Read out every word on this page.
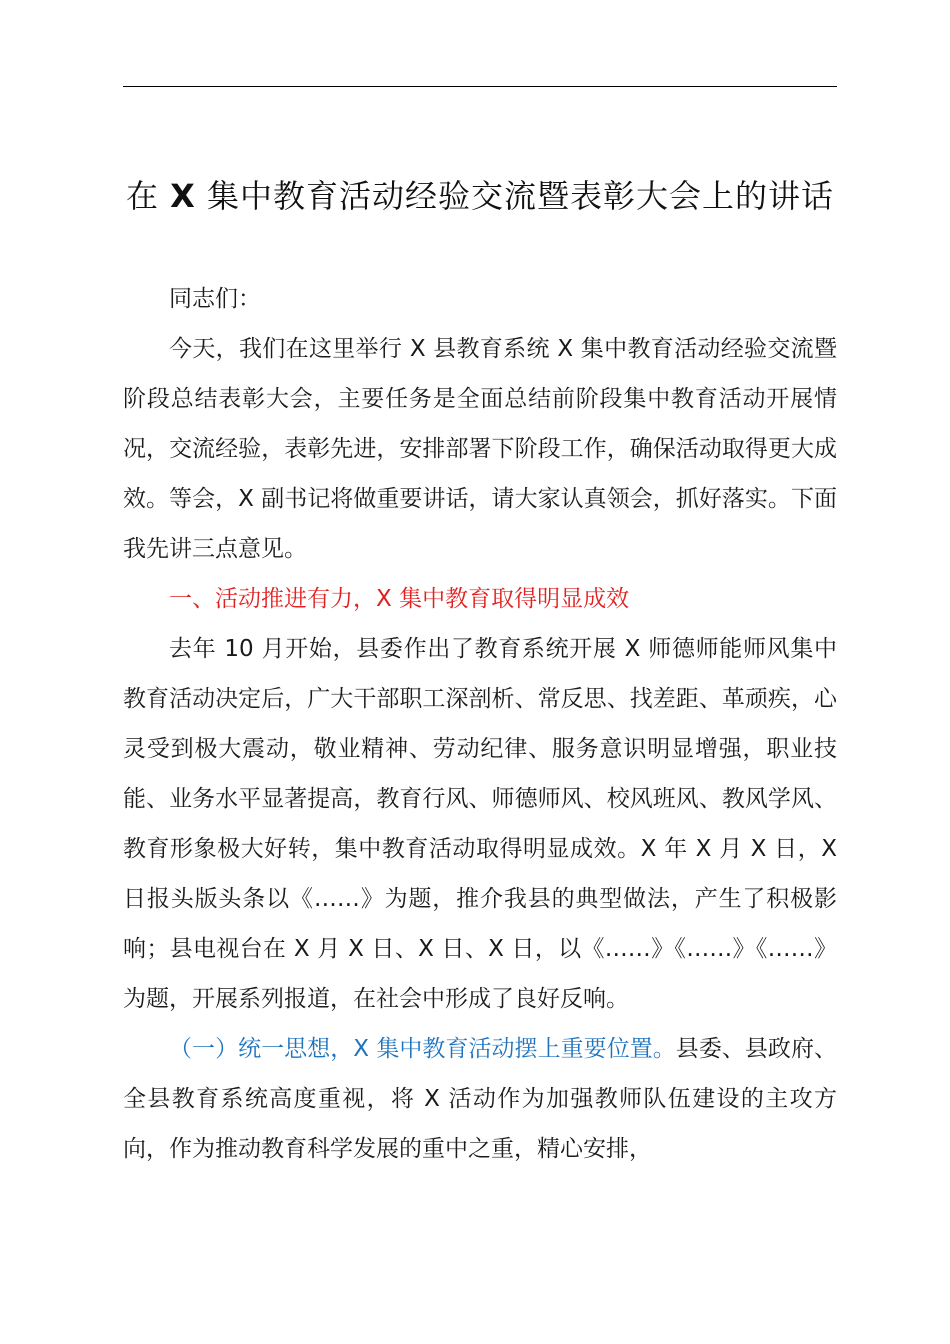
在 X 集中教育活动经验交流暨表彰大会上的讲话

同志们：

今天，我们在这里举行 X 县教育系统 X 集中教育活动经验交流暨阶段总结表彰大会，主要任务是全面总结前阶段集中教育活动开展情况，交流经验，表彰先进，安排部署下阶段工作，确保活动取得更大成效。等会，X 副书记将做重要讲话，请大家认真领会，抓好落实。下面我先讲三点意见。

一、活动推进有力，X 集中教育取得明显成效

去年 10 月开始，县委作出了教育系统开展 X 师德师能师风集中教育活动决定后，广大干部职工深剖析、常反思、找差距、革顽疾，心灵受到极大震动，敬业精神、劳动纪律、服务意识明显增强，职业技能、业务水平显著提高，教育行风、师德师风、校风班风、教风学风、教育形象极大好转，集中教育活动取得明显成效。X 年 X 月 X 日，X 日报头版头条以《……》为题，推介我县的典型做法，产生了积极影响；县电视台在 X 月 X 日、X 日、X 日，以《……》《……》《……》为题，开展系列报道，在社会中形成了良好反响。

（一）统一思想，X 集中教育活动摆上重要位置。县委、县政府、全县教育系统高度重视，将 X 活动作为加强教师队伍建设的主攻方向，作为推动教育科学发展的重中之重，精心安排，
